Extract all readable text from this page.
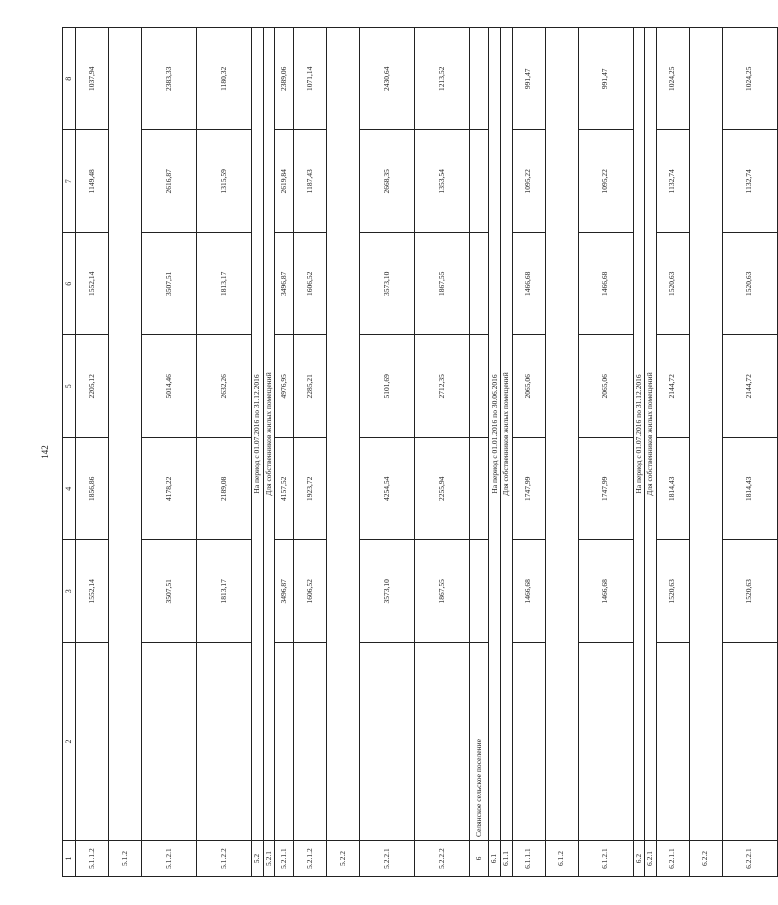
142
1	2	3	4	5	6	7	8
5.1.1.2		1552,14	1856,86	2205,12	1552,14	1149,48	1037,94
5.1.2							
5.1.2.1		3507,51	4178,22	5014,46	3507,51	2616,87	2383,33
5.1.2.2		1813,17	2189,08	2632,26	1813,17	1315,59	1180,32
5.2	На период с 01.07.2016 по 31.12.2016						

5.2.1	Для собственников жилых помещений						

5.2.1.1		3496,87	4157,52	4976,95	3496,87	2619,84	2389,06
5.2.1.2		1606,52	1923,72	2285,21	1606,52	1187,43	1071,14
5.2.2							
5.2.2.1		3573,10	4254,54	5101,69	3573,10	2668,35	2430,64
5.2.2.2		1867,55	2255,94	2712,35	1867,55	1353,54	1213,52
6	Селянское сельское поселение						
6.1	На период с 01.01.2016 по 30.06.2016						

6.1.1	Для собственников жилых помещений						

6.1.1.1		1466,68	1747,99	2065,06	1466,68	1095,22	991,47
6.1.2							
6.1.2.1		1466,68	1747,99	2065,06	1466,68	1095,22	991,47
6.2	На период с 01.07.2016 по 31.12.2016						

6.2.1	Для собственников жилых помещений						

6.2.1.1		1520,63	1814,43	2144,72	1520,63	1132,74	1024,25
6.2.2							
6.2.2.1		1520,63	1814,43	2144,72	1520,63	1132,74	1024,25
